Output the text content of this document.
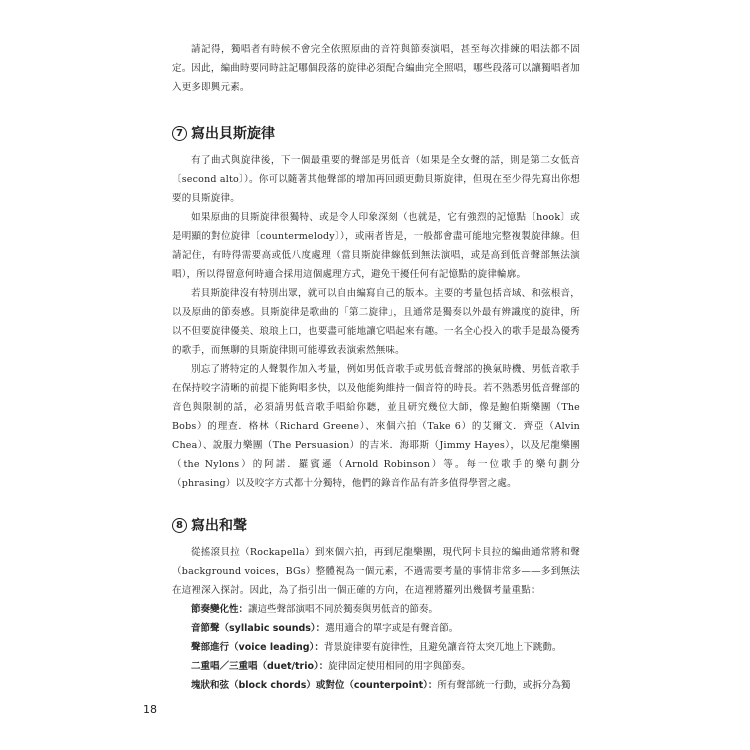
請記得，獨唱者有時候不會完全依照原曲的音符與節奏演唱，甚至每次排練的唱法都不固定。因此，編曲時要同時註記哪個段落的旋律必須配合編曲完全照唱，哪些段落可以讓獨唱者加入更多即興元素。

7 寫出貝斯旋律

有了曲式與旋律後，下一個最重要的聲部是男低音（如果是全女聲的話，則是第二女低音〔second alto〕）。你可以隨著其他聲部的增加再回頭更動貝斯旋律，但現在至少得先寫出你想要的貝斯旋律。

如果原曲的貝斯旋律很獨特、或是令人印象深刻（也就是，它有強烈的記憶點〔hook〕或是明顯的對位旋律〔countermelody〕），或兩者皆是，一般都會盡可能地完整複製旋律線。但請記住，有時得需要高或低八度處理（當貝斯旋律線低到無法演唱，或是高到低音聲部無法演唱），所以得留意何時適合採用這個處理方式，避免干擾任何有記憶點的旋律輪廓。

若貝斯旋律沒有特別出眾，就可以自由編寫自己的版本。主要的考量包括音域、和弦根音，以及原曲的節奏感。貝斯旋律是歌曲的「第二旋律」，且通常是獨奏以外最有辨識度的旋律，所以不但要旋律優美、琅琅上口，也要盡可能地讓它唱起來有趣。一名全心投入的歌手是最為優秀的歌手，而無聊的貝斯旋律則可能導致表演索然無味。

別忘了將特定的人聲製作加入考量，例如男低音歌手或男低音聲部的換氣時機、男低音歌手在保持咬字清晰的前提下能夠唱多快，以及他能夠維持一個音符的時長。若不熟悉男低音聲部的音色與限制的話，必須請男低音歌手唱給你聽，並且研究幾位大師，像是鮑伯斯樂團（The Bobs）的理查．格林（Richard Greene）、來個六拍（Take 6）的艾爾文．齊亞（Alvin Chea）、說服力樂團（The Persuasion）的吉米．海耶斯（Jimmy Hayes），以及尼龍樂團（the Nylons）的阿諾．羅賓遜（Arnold Robinson）等。每一位歌手的樂句劃分（phrasing）以及咬字方式都十分獨特，他們的錄音作品有許多值得學習之處。

8 寫出和聲

從搖滾貝拉（Rockapella）到來個六拍，再到尼龍樂團，現代阿卡貝拉的編曲通常將和聲（background voices，BGs）整體視為一個元素，不過需要考量的事情非常多——多到無法在這裡深入探討。因此，為了指引出一個正確的方向，在這裡將羅列出幾個考量重點：

節奏變化性：讓這些聲部演唱不同於獨奏與男低音的節奏。
音節聲（syllabic sounds）：選用適合的單字或是有聲音節。
聲部進行（voice leading）：背景旋律要有旋律性，且避免讓音符太突兀地上下跳動。
二重唱／三重唱（duet/trio）：旋律固定使用相同的用字與節奏。
塊狀和弦（block chords）或對位（counterpoint）：所有聲部統一行動，或拆分為獨
18
